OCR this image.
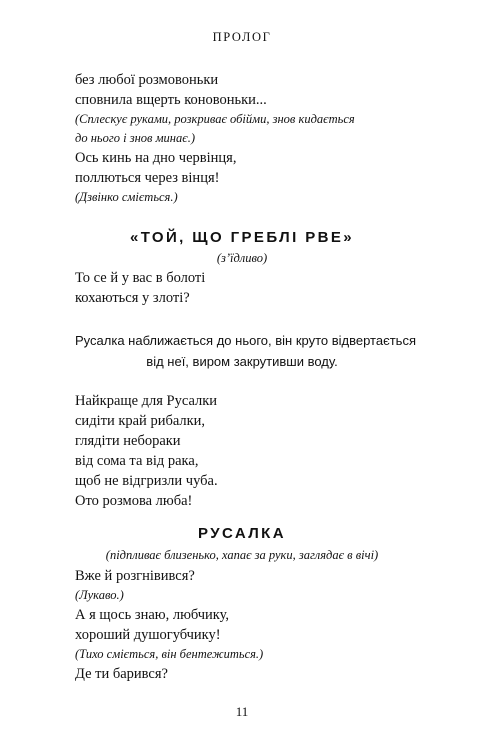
ПРОЛОГ

без любої розмовоньки

сповнила вщерть коновоньки...

(Сплескує руками, розкриває обійми, знов кидається

до нього і знов минає.)

Ось кинь на дно червінця,

поллються через вінця!

(Дзвінко сміється.)

«ТОЙ, ЩО ГРЕБЛІ РВЕ»
(з’їдливо)

То се й у вас в болоті

кохаються у злоті?

Русалка наближається до нього, він круто відвертається
від неї, виром закрутивши воду.

Найкраще для Русалки

сидіти край рибалки,

глядіти небораки

від сома та від рака,

щоб не відгризли чуба.

Ото розмова люба!

РУСАЛКА
(підпливає близенько, хапає за руки, заглядає в вічі)

Вже й розгнівився?

(Лукаво.)

А я щось знаю, любчику,

хороший душогубчику!

(Тихо сміється, він бентежиться.)

Де ти барився?

11
